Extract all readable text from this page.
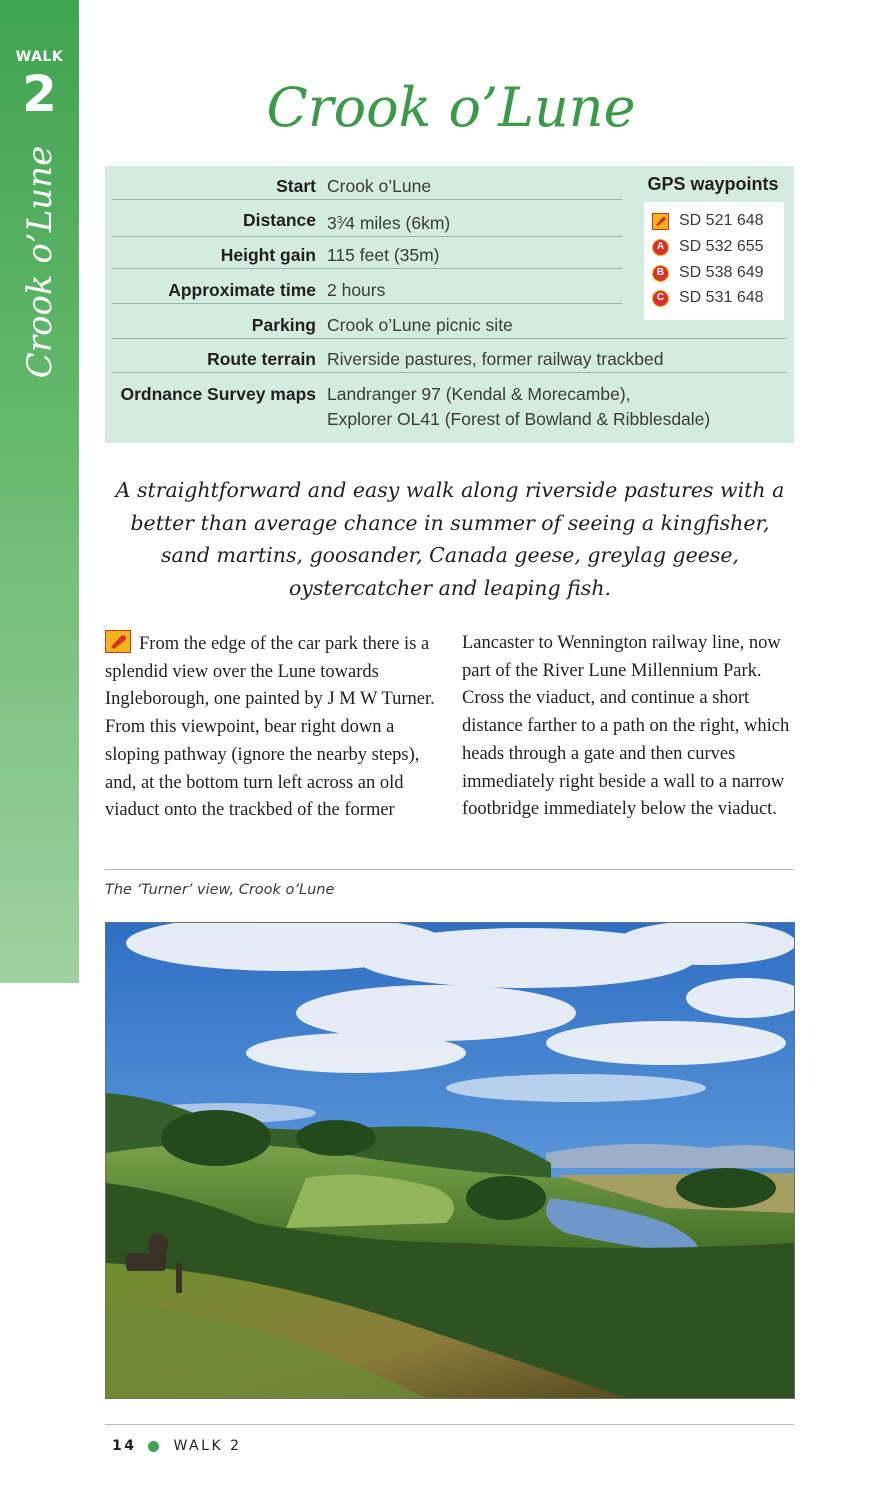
WALK
2
Crook o’Lune
Crook o’Lune
Start Crook o’Lune
Distance $3^3⁄4$ miles (6km)
Height gain 115 feet (35m)
Approximate time 2 hours
Parking Crook o’Lune picnic site
Route terrain Riverside pastures, former railway trackbed
Ordnance Survey maps Landranger 97 (Kendal & Morecambe),
Explorer OL41 (Forest of Bowland & Ribblesdale)
GPS waypoints
SD 521 648
A SD 532 655
B SD 538 649
C SD 531 648
A straightforward and easy walk along riverside pastures with a better than average chance in summer of seeing a kingfisher, sand martins, goosander, Canada geese, greylag geese, oystercatcher and leaping fish.
From the edge of the car park there is a splendid view over the Lune towards Ingleborough, one painted by J M W Turner. From this viewpoint, bear right down a sloping pathway (ignore the nearby steps), and, at the bottom turn left across an old viaduct onto the trackbed of the former
Lancaster to Wennington railway line, now part of the River Lune Millennium Park. Cross the viaduct, and continue a short distance farther to a path on the right, which heads through a gate and then curves immediately right beside a wall to a narrow footbridge immediately below the viaduct.
The ‘Turner’ view, Crook o’Lune
14	WALK 2
